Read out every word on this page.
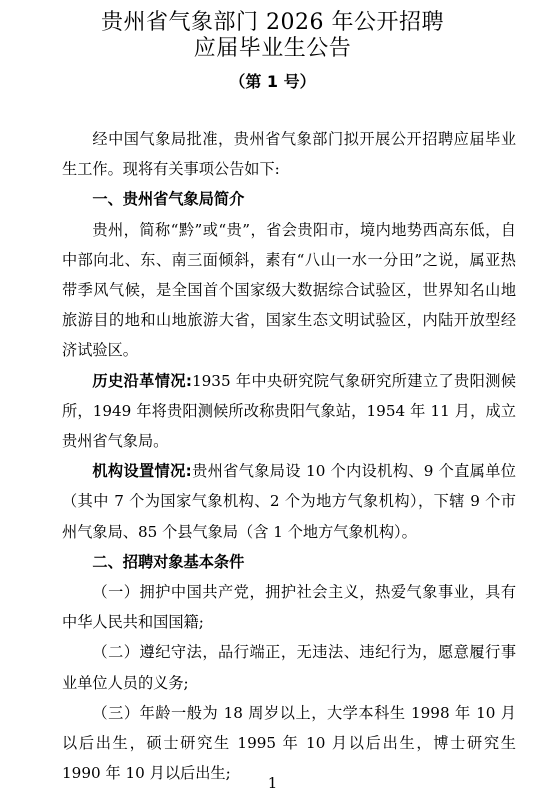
贵州省气象部门 2026 年公开招聘
应届毕业生公告
（第 1 号）

经中国气象局批准，贵州省气象部门拟开展公开招聘应届毕业生工作。现将有关事项公告如下:

一、贵州省气象局简介

贵州，简称“黔”或“贵”，省会贵阳市，境内地势西高东低，自中部向北、东、南三面倾斜，素有“八山一水一分田”之说，属亚热带季风气候，是全国首个国家级大数据综合试验区，世界知名山地旅游目的地和山地旅游大省，国家生态文明试验区，内陆开放型经济试验区。

历史沿革情况:1935 年中央研究院气象研究所建立了贵阳测候所，1949 年将贵阳测候所改称贵阳气象站，1954 年 11 月，成立贵州省气象局。

机构设置情况:贵州省气象局设 10 个内设机构、9 个直属单位（其中 7 个为国家气象机构、2 个为地方气象机构），下辖 9 个市州气象局、85 个县气象局（含 1 个地方气象机构）。

二、招聘对象基本条件

（一）拥护中国共产党，拥护社会主义，热爱气象事业，具有中华人民共和国国籍;

（二）遵纪守法，品行端正，无违法、违纪行为，愿意履行事业单位人员的义务;

（三）年龄一般为 18 周岁以上，大学本科生 1998 年 10 月以后出生，硕士研究生 1995 年 10 月以后出生，博士研究生 1990 年 10 月以后出生;

1
